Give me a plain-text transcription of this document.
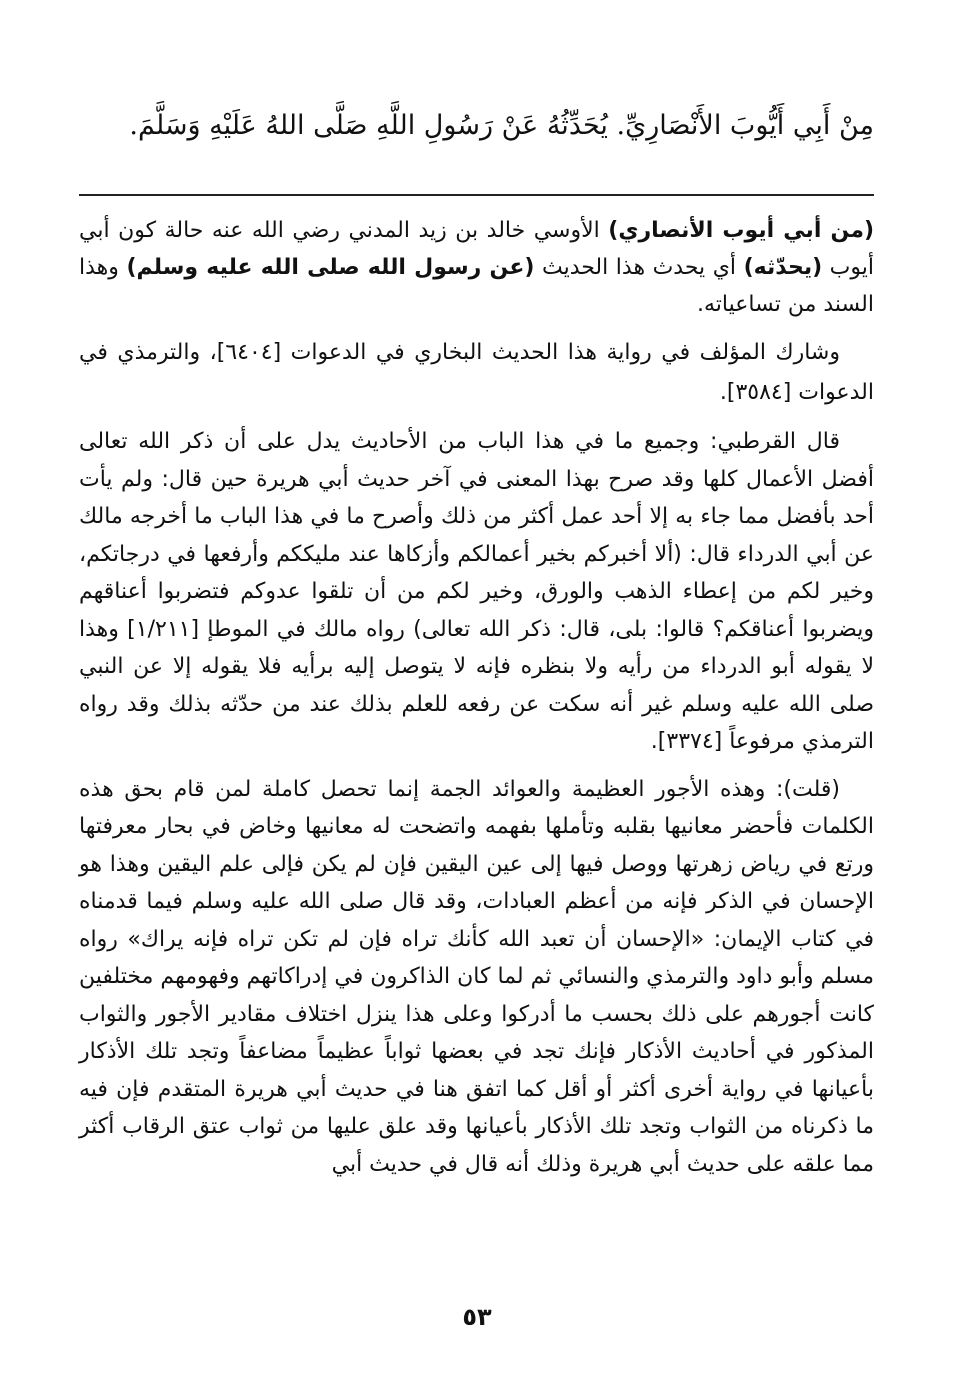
مِنْ أَبِي أَيُّوبَ الأَنْصَارِيِّ. يُحَدِّثُهُ عَنْ رَسُولِ اللَّهِ صَلَّى اللهُ عَلَيْهِ وَسَلَّمَ.

(من أبي أيوب الأنصاري) الأوسي خالد بن زيد المدني رضي الله عنه حالة كون أبي أيوب (يحدّثه) أي يحدث هذا الحديث (عن رسول الله صلى الله عليه وسلم) وهذا السند من تساعياته.

وشارك المؤلف في رواية هذا الحديث البخاري في الدعوات [٦٤٠٤]، والترمذي في الدعوات [٣٥٨٤].

قال القرطبي: وجميع ما في هذا الباب من الأحاديث يدل على أن ذكر الله تعالى أفضل الأعمال كلها وقد صرح بهذا المعنى في آخر حديث أبي هريرة حين قال: ولم يأت أحد بأفضل مما جاء به إلا أحد عمل أكثر من ذلك وأصرح ما في هذا الباب ما أخرجه مالك عن أبي الدرداء قال: (ألا أخبركم بخير أعمالكم وأزكاها عند مليككم وأرفعها في درجاتكم، وخير لكم من إعطاء الذهب والورق، وخير لكم من أن تلقوا عدوكم فتضربوا أعناقهم ويضربوا أعناقكم؟ قالوا: بلى، قال: ذكر الله تعالى) رواه مالك في الموطإ [١/٢١١] وهذا لا يقوله أبو الدرداء من رأيه ولا بنظره فإنه لا يتوصل إليه برأيه فلا يقوله إلا عن النبي صلى الله عليه وسلم غير أنه سكت عن رفعه للعلم بذلك عند من حدّثه بذلك وقد رواه الترمذي مرفوعاً [٣٣٧٤].

(قلت): وهذه الأجور العظيمة والعوائد الجمة إنما تحصل كاملة لمن قام بحق هذه الكلمات فأحضر معانيها بقلبه وتأملها بفهمه واتضحت له معانيها وخاض في بحار معرفتها ورتع في رياض زهرتها ووصل فيها إلى عين اليقين فإن لم يكن فإلى علم اليقين وهذا هو الإحسان في الذكر فإنه من أعظم العبادات، وقد قال صلى الله عليه وسلم فيما قدمناه في كتاب الإيمان: «الإحسان أن تعبد الله كأنك تراه فإن لم تكن تراه فإنه يراك» رواه مسلم وأبو داود والترمذي والنسائي ثم لما كان الذاكرون في إدراكاتهم وفهومهم مختلفين كانت أجورهم على ذلك بحسب ما أدركوا وعلى هذا ينزل اختلاف مقادير الأجور والثواب المذكور في أحاديث الأذكار فإنك تجد في بعضها ثواباً عظيماً مضاعفاً وتجد تلك الأذكار بأعيانها في رواية أخرى أكثر أو أقل كما اتفق هنا في حديث أبي هريرة المتقدم فإن فيه ما ذكرناه من الثواب وتجد تلك الأذكار بأعيانها وقد علق عليها من ثواب عتق الرقاب أكثر مما علقه على حديث أبي هريرة وذلك أنه قال في حديث أبي

٥٣
